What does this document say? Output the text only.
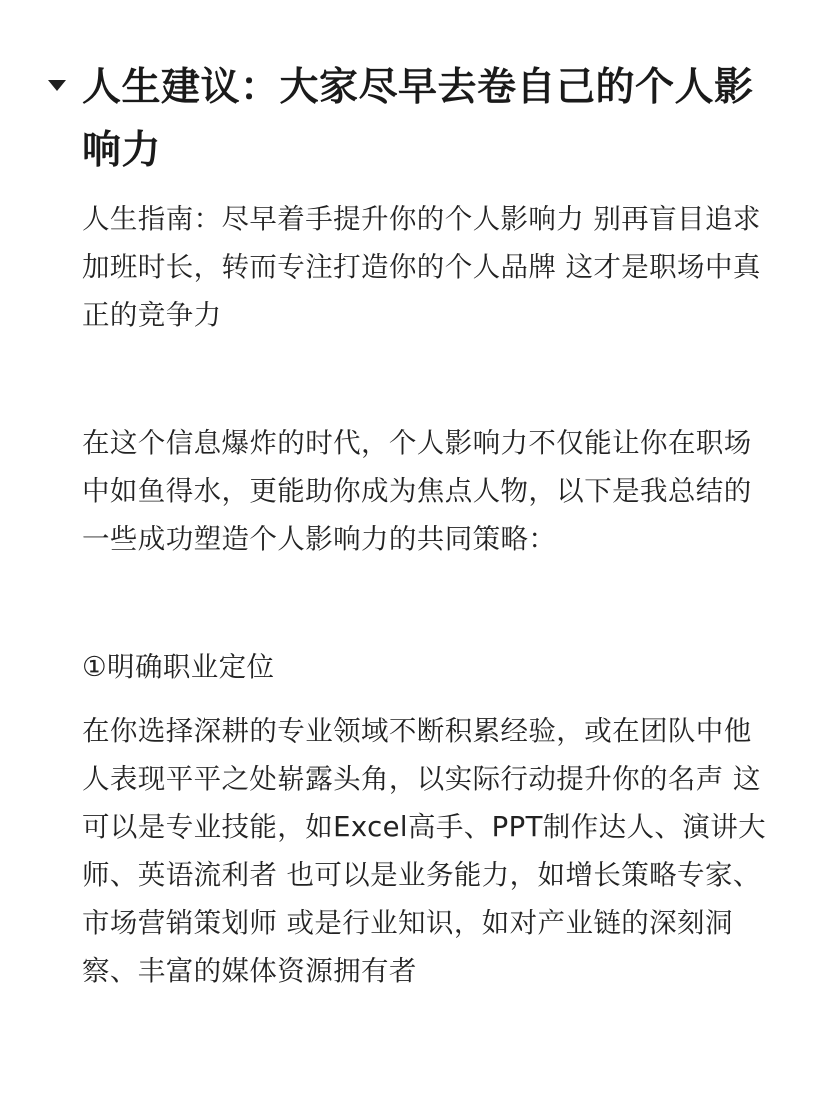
人生建议：大家尽早去卷自己的个人影响力
人生指南：尽早着手提升你的个人影响力 别再盲目追求加班时长，转而专注打造你的个人品牌 这才是职场中真正的竞争力
在这个信息爆炸的时代，个人影响力不仅能让你在职场中如鱼得水，更能助你成为焦点人物，以下是我总结的一些成功塑造个人影响力的共同策略：
①明确职业定位
在你选择深耕的专业领域不断积累经验，或在团队中他人表现平平之处崭露头角，以实际行动提升你的名声 这可以是专业技能，如Excel高手、PPT制作达人、演讲大师、英语流利者 也可以是业务能力，如增长策略专家、市场营销策划师 或是行业知识，如对产业链的深刻洞察、丰富的媒体资源拥有者
